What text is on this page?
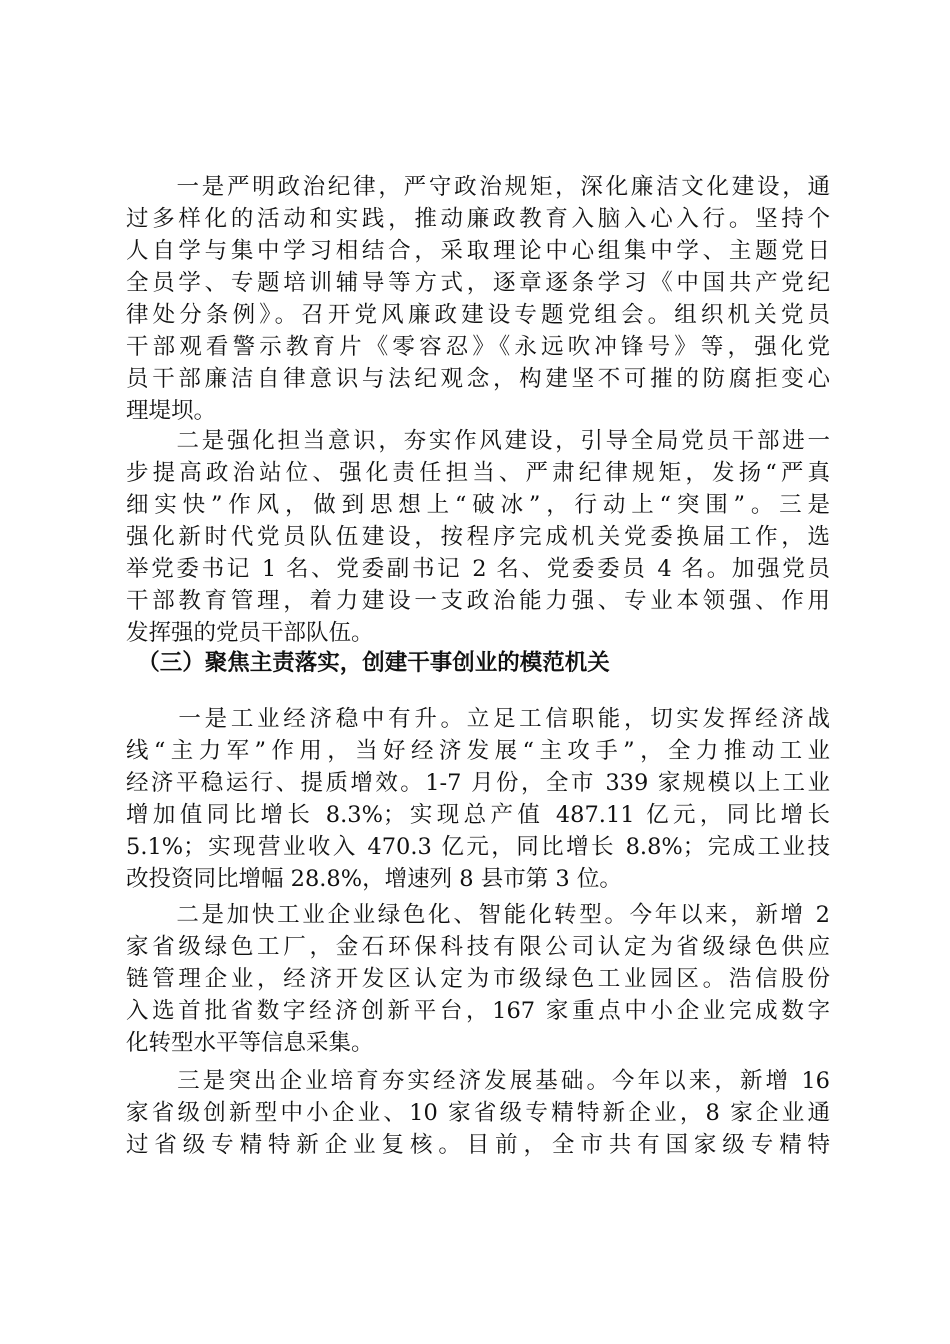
　　一是严明政治纪律，严守政治规矩，深化廉洁文化建设，通
过多样化的活动和实践，推动廉政教育入脑入心入行。坚持个
人自学与集中学习相结合，采取理论中心组集中学、主题党日
全员学、专题培训辅导等方式，逐章逐条学习《中国共产党纪
律处分条例》。召开党风廉政建设专题党组会。组织机关党员
干部观看警示教育片《零容忍》《永远吹冲锋号》等，强化党
员干部廉洁自律意识与法纪观念，构建坚不可摧的防腐拒变心
理堤坝。
　　二是强化担当意识，夯实作风建设，引导全局党员干部进一
步提高政治站位、强化责任担当、严肃纪律规矩，发扬“严真
细实快”作风，做到思想上“破冰”，行动上“突围”。三是
强化新时代党员队伍建设，按程序完成机关党委换届工作，选
举党委书记 1 名、党委副书记 2 名、党委委员 4 名。加强党员
干部教育管理，着力建设一支政治能力强、专业本领强、作用
发挥强的党员干部队伍。
　（三）聚焦主责落实，创建干事创业的模范机关
　　一是工业经济稳中有升。立足工信职能，切实发挥经济战
线“主力军”作用，当好经济发展“主攻手”，全力推动工业
经济平稳运行、提质增效。1-7 月份，全市 339 家规模以上工业
增加值同比增长 8.3%；实现总产值 487.11 亿元，同比增长
5.1%；实现营业收入 470.3 亿元，同比增长 8.8%；完成工业技
改投资同比增幅 28.8%，增速列 8 县市第 3 位。
　　二是加快工业企业绿色化、智能化转型。今年以来，新增 2
家省级绿色工厂，金石环保科技有限公司认定为省级绿色供应
链管理企业，经济开发区认定为市级绿色工业园区。浩信股份
入选首批省数字经济创新平台，167 家重点中小企业完成数字
化转型水平等信息采集。
　　三是突出企业培育夯实经济发展基础。今年以来，新增 16
家省级创新型中小企业、10 家省级专精特新企业，8 家企业通
过省级专精特新企业复核。目前，全市共有国家级专精特
